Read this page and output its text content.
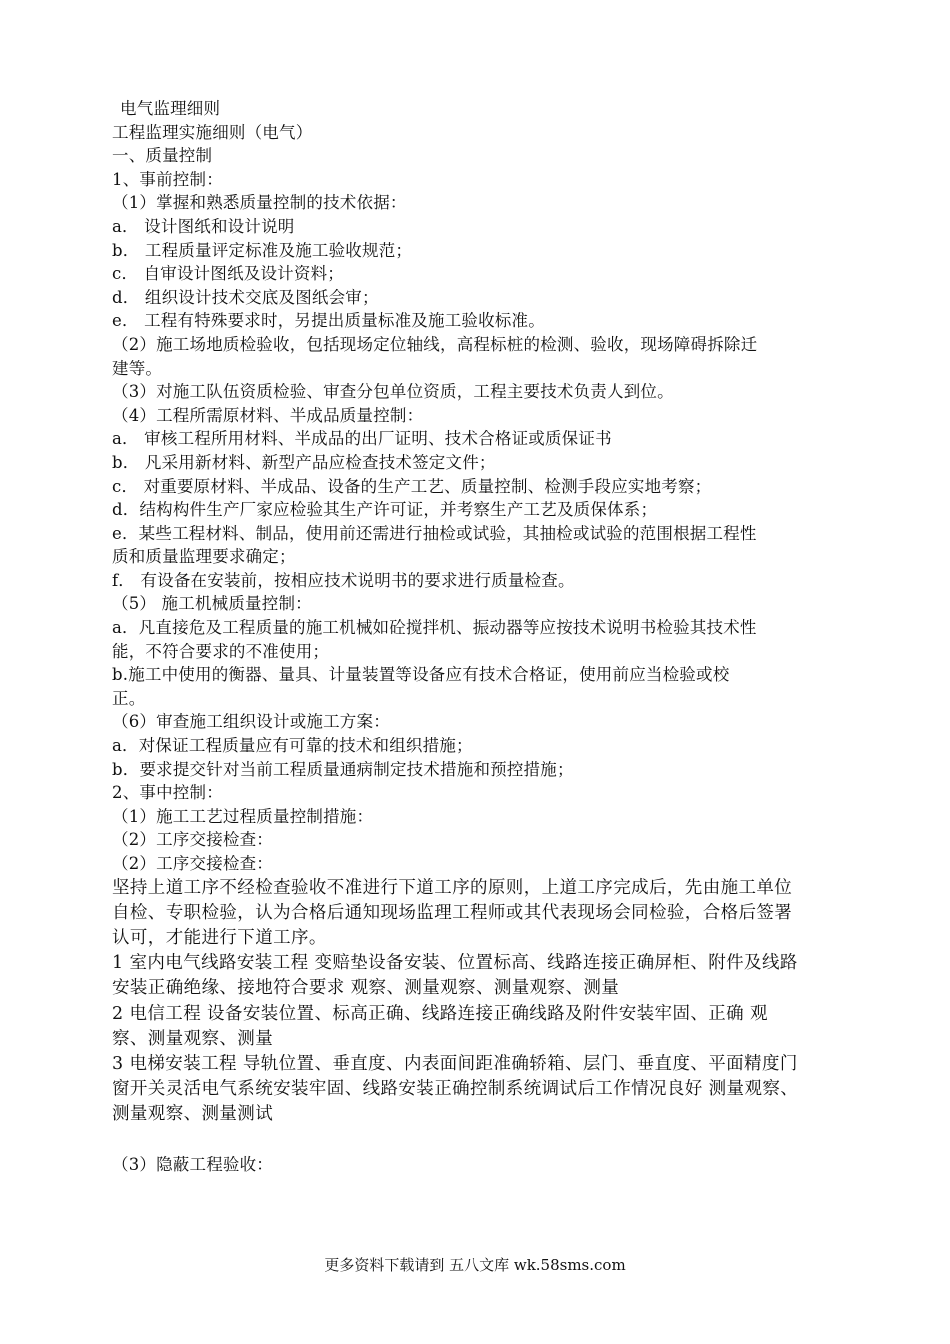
电气监理细则
工程监理实施细则（电气）
一、质量控制
1、事前控制：
（1）掌握和熟悉质量控制的技术依据：
a． 设计图纸和设计说明
b． 工程质量评定标准及施工验收规范；
c． 自审设计图纸及设计资料；
d． 组织设计技术交底及图纸会审；
e． 工程有特殊要求时，另提出质量标准及施工验收标准。
（2）施工场地质检验收，包括现场定位轴线，高程标桩的检测、验收，现场障碍拆除迁
建等。
（3）对施工队伍资质检验、审查分包单位资质，工程主要技术负责人到位。
（4）工程所需原材料、半成品质量控制：
a． 审核工程所用材料、半成品的出厂证明、技术合格证或质保证书
b． 凡采用新材料、新型产品应检查技术签定文件；
c． 对重要原材料、半成品、设备的生产工艺、质量控制、检测手段应实地考察；
d．结构构件生产厂家应检验其生产许可证，并考察生产工艺及质保体系；
e．某些工程材料、制品，使用前还需进行抽检或试验，其抽检或试验的范围根据工程性
质和质量监理要求确定；
f． 有设备在安装前，按相应技术说明书的要求进行质量检查。
（5） 施工机械质量控制：
a．凡直接危及工程质量的施工机械如砼搅拌机、振动器等应按技术说明书检验其技术性
能，不符合要求的不准使用；
b.施工中使用的衡器、量具、计量装置等设备应有技术合格证，使用前应当检验或校
正。
（6）审查施工组织设计或施工方案：
a．对保证工程质量应有可靠的技术和组织措施；
b．要求提交针对当前工程质量通病制定技术措施和预控措施；
2、事中控制：
（1）施工工艺过程质量控制措施：
（2）工序交接检查：
（2）工序交接检查：
坚持上道工序不经检查验收不准进行下道工序的原则，上道工序完成后，先由施工单位
自检、专职检验，认为合格后通知现场监理工程师或其代表现场会同检验，合格后签署
认可，才能进行下道工序。
1 室内电气线路安装工程 变赔垫设备安装、位置标高、线路连接正确屏柜、附件及线路
安装正确绝缘、接地符合要求 观察、测量观察、测量观察、测量
2 电信工程 设备安装位置、标高正确、线路连接正确线路及附件安装牢固、正确 观
察、测量观察、测量
3 电梯安装工程 导轨位置、垂直度、内表面间距准确轿箱、层门、垂直度、平面精度门
窗开关灵活电气系统安装牢固、线路安装正确控制系统调试后工作情况良好 测量观察、
测量观察、测量测试
（3）隐蔽工程验收：
更多资料下载请到 五八文库 wk.58sms.com
